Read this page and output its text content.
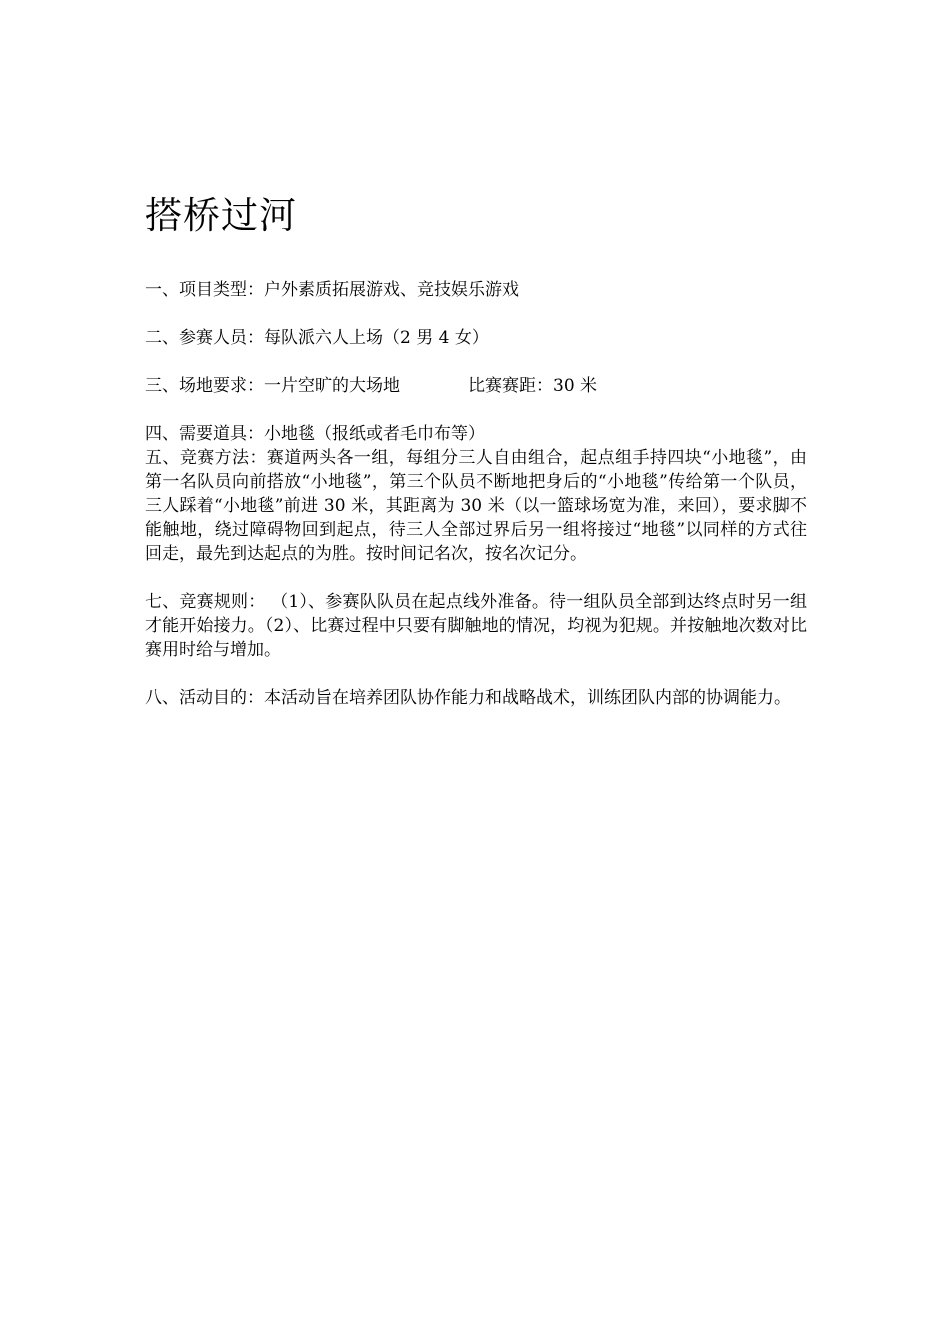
搭桥过河

一、项目类型：户外素质拓展游戏、竞技娱乐游戏

二、参赛人员：每队派六人上场（2 男 4 女）

三、场地要求：一片空旷的大场地	比赛赛距：30 米

四、需要道具：小地毯（报纸或者毛巾布等）

五、竞赛方法：赛道两头各一组，每组分三人自由组合，起点组手持四块“小地毯”，由第一名队员向前搭放“小地毯”，第三个队员不断地把身后的“小地毯”传给第一个队员，三人踩着“小地毯”前进 30 米，其距离为 30 米（以一篮球场宽为准，来回），要求脚不能触地，绕过障碍物回到起点，待三人全部过界后另一组将接过“地毯”以同样的方式往回走，最先到达起点的为胜。按时间记名次，按名次记分。

七、竞赛规则： （1）、参赛队队员在起点线外准备。待一组队员全部到达终点时另一组才能开始接力。（2）、比赛过程中只要有脚触地的情况，均视为犯规。并按触地次数对比赛用时给与增加。

八、活动目的：本活动旨在培养团队协作能力和战略战术，训练团队内部的协调能力。
